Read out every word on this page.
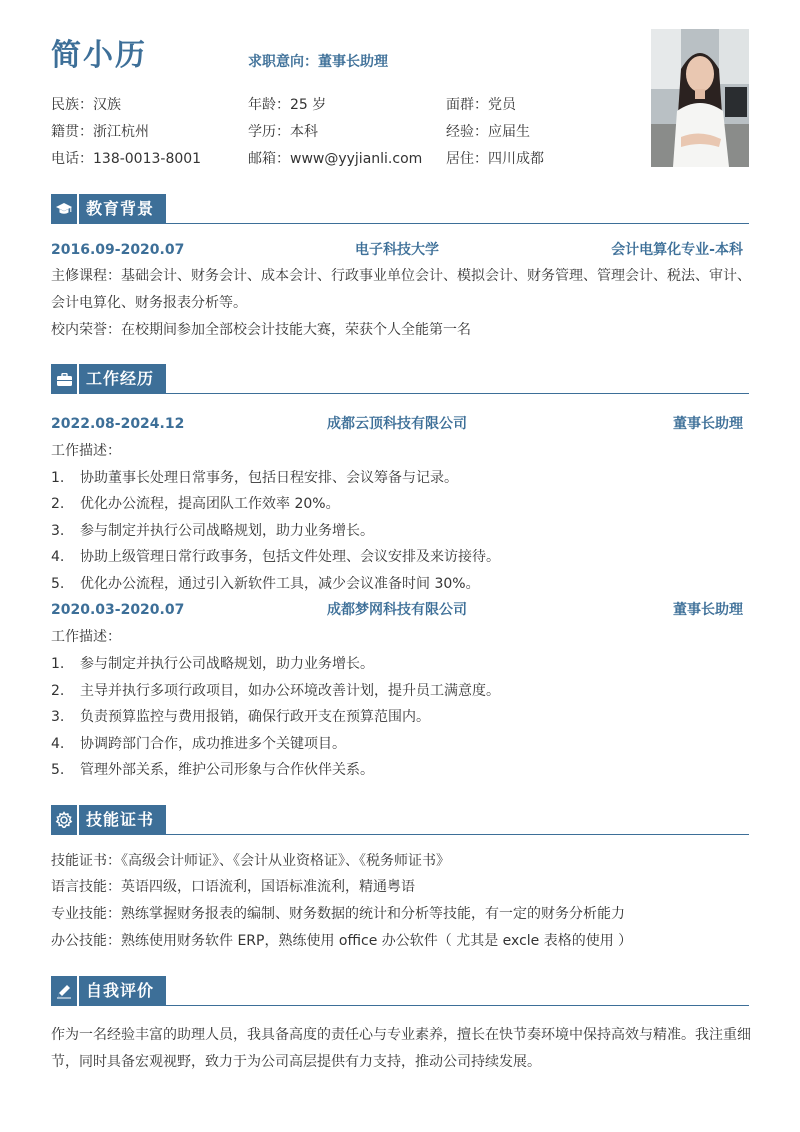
简小历	求职意向：董事长助理
民族：汉族	年龄：25 岁	面群：党员
籍贯：浙江杭州	学历：本科	经验：应届生
电话：138-0013-8001	邮箱：www@yyjianli.com 居住：四川成都
教育背景
2016.09-2020.07	电子科技大学	会计电算化专业-本科
主修课程：基础会计、财务会计、成本会计、行政事业单位会计、模拟会计、财务管理、管理会计、税法、审计、会计电算化、财务报表分析等。
校内荣誉：在校期间参加全部校会计技能大赛，荣获个人全能第一名
工作经历
2022.08-2024.12	成都云顶科技有限公司	董事长助理
工作描述：
1. 协助董事长处理日常事务，包括日程安排、会议筹备与记录。
2. 优化办公流程，提高团队工作效率 20%。
3. 参与制定并执行公司战略规划，助力业务增长。
4. 协助上级管理日常行政事务，包括文件处理、会议安排及来访接待。
5. 优化办公流程，通过引入新软件工具，减少会议准备时间 30%。
2020.03-2020.07	成都梦网科技有限公司	董事长助理
工作描述：
1. 参与制定并执行公司战略规划，助力业务增长。
2. 主导并执行多项行政项目，如办公环境改善计划，提升员工满意度。
3. 负责预算监控与费用报销，确保行政开支在预算范围内。
4. 协调跨部门合作，成功推进多个关键项目。
5. 管理外部关系，维护公司形象与合作伙伴关系。
技能证书
技能证书：《高级会计师证》、《会计从业资格证》、《税务师证书》
语言技能：英语四级，口语流利，国语标准流利，精通粤语
专业技能：熟练掌握财务报表的编制、财务数据的统计和分析等技能，有一定的财务分析能力
办公技能：熟练使用财务软件 ERP，熟练使用 office 办公软件（ 尤其是 excle 表格的使用 ）
自我评价
作为一名经验丰富的助理人员，我具备高度的责任心与专业素养，擅长在快节奏环境中保持高效与精准。我注重细节，同时具备宏观视野，致力于为公司高层提供有力支持，推动公司持续发展。
